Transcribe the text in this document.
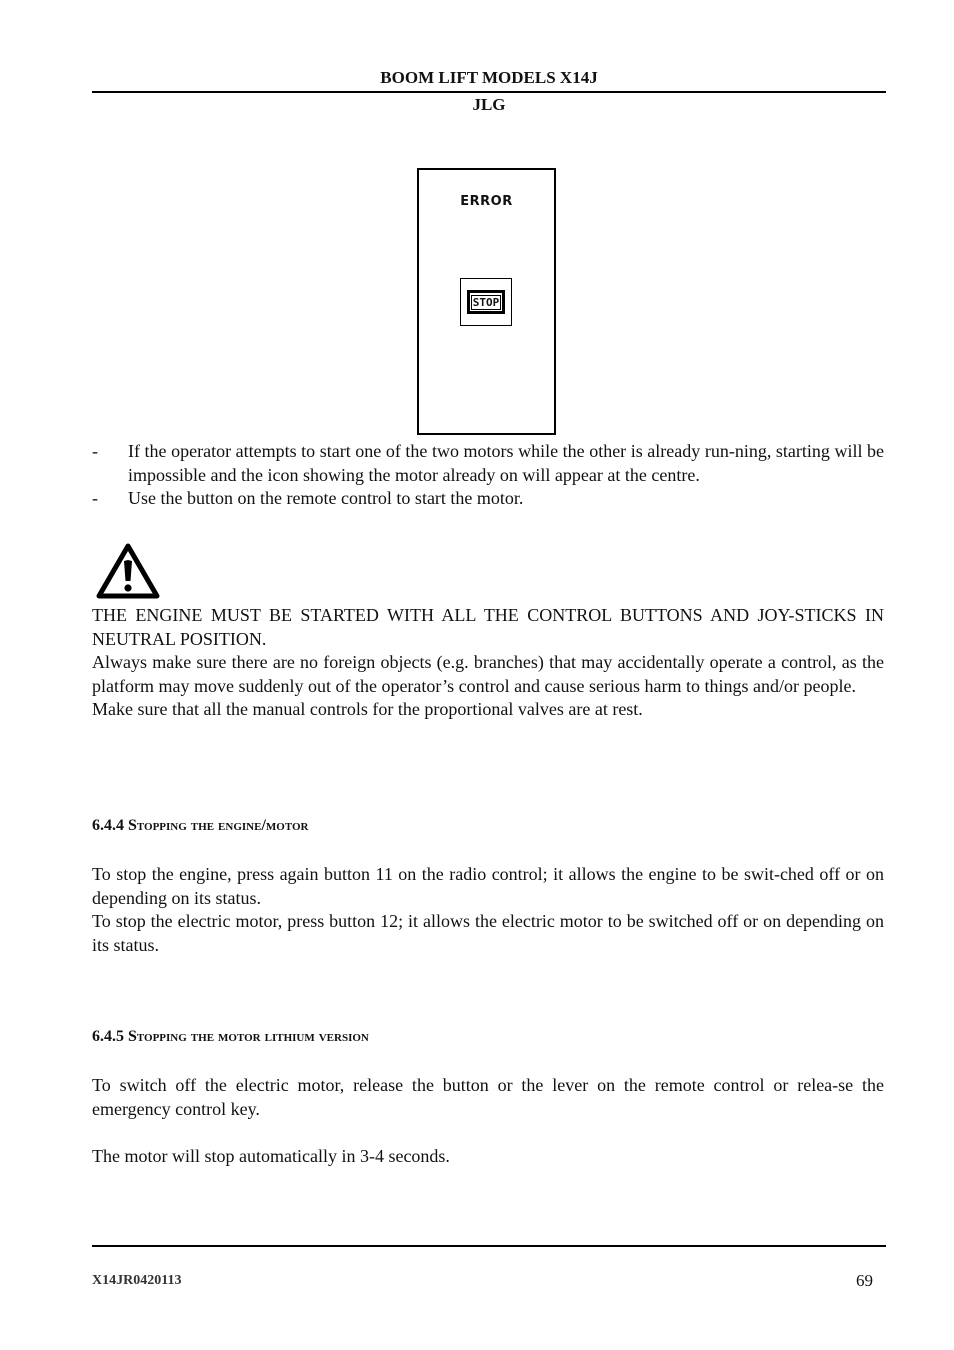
BOOM LIFT MODELS X14J
JLG
ERROR
STOP
-	If the operator attempts to start one of the two motors while the other is already run-ning, starting will be impossible and the icon showing the motor already on will appear at the centre.
-	Use the button on the remote control to start the motor.

THE ENGINE MUST BE STARTED WITH ALL THE CONTROL BUTTONS AND JOY-STICKS IN NEUTRAL POSITION.

Always make sure there are no foreign objects (e.g. branches) that may accidentally operate a control, as the platform may move suddenly out of the operator’s control and cause serious harm to things and/or people.

Make sure that all the manual controls for the proportional valves are at rest.

6.4.4 Stopping the engine/motor

To stop the engine, press again button 11 on the radio control; it allows the engine to be swit-ched off or on depending on its status.

To stop the electric motor, press button 12; it allows the electric motor to be switched off or on depending on its status.

6.4.5 Stopping the motor lithium version

To switch off the electric motor, release the button or the lever on the remote control or relea-se the emergency control key.

The motor will stop automatically in 3-4 seconds.

X14JR0420113	69
